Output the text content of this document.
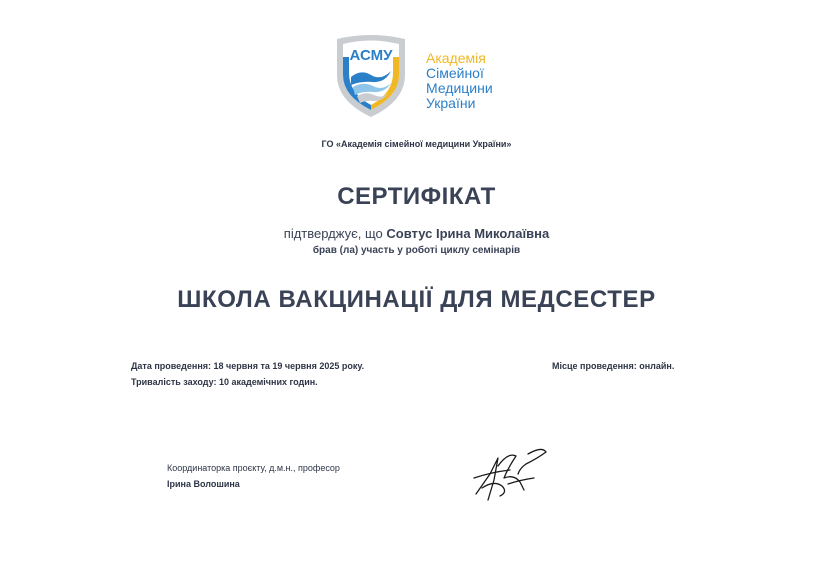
АСМУ Академія
Сімейної
Медицини
України
ГО «Академія сімейної медицини України»
СЕРТИФІКАТ
підтверджує, що Совтус Ірина Миколаївна
брав (ла) участь у роботі циклу семінарів
ШКОЛА ВАКЦИНАЦІЇ ДЛЯ МЕДСЕСТЕР
Дата проведення: 18 червня та 19 червня 2025 року.
Тривалість заходу: 10 академічних годин.
Місце проведення: онлайн.
Координаторка проєкту, д.м.н., професор
Ірина Волошина
